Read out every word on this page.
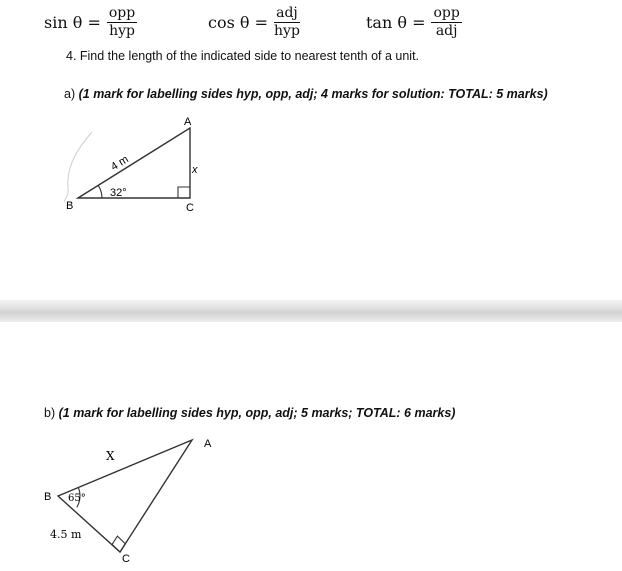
$\sin \theta = \frac{\text{opp}}{\text{hyp}}$	$\cos \theta = \frac{\text{adj}}{\text{hyp}}$	$\tan \theta = \frac{\text{opp}}{\text{adj}}$
4. Find the length of the indicated side to nearest tenth of a unit.
a) (1 mark for labelling sides hyp, opp, adj; 4 marks for solution: TOTAL: 5 marks)
A
B	C
4 m	x
32°
b) (1 mark for labelling sides hyp, opp, adj; 5 marks; TOTAL: 6 marks)
A
B
C
X
65°
4.5 m
